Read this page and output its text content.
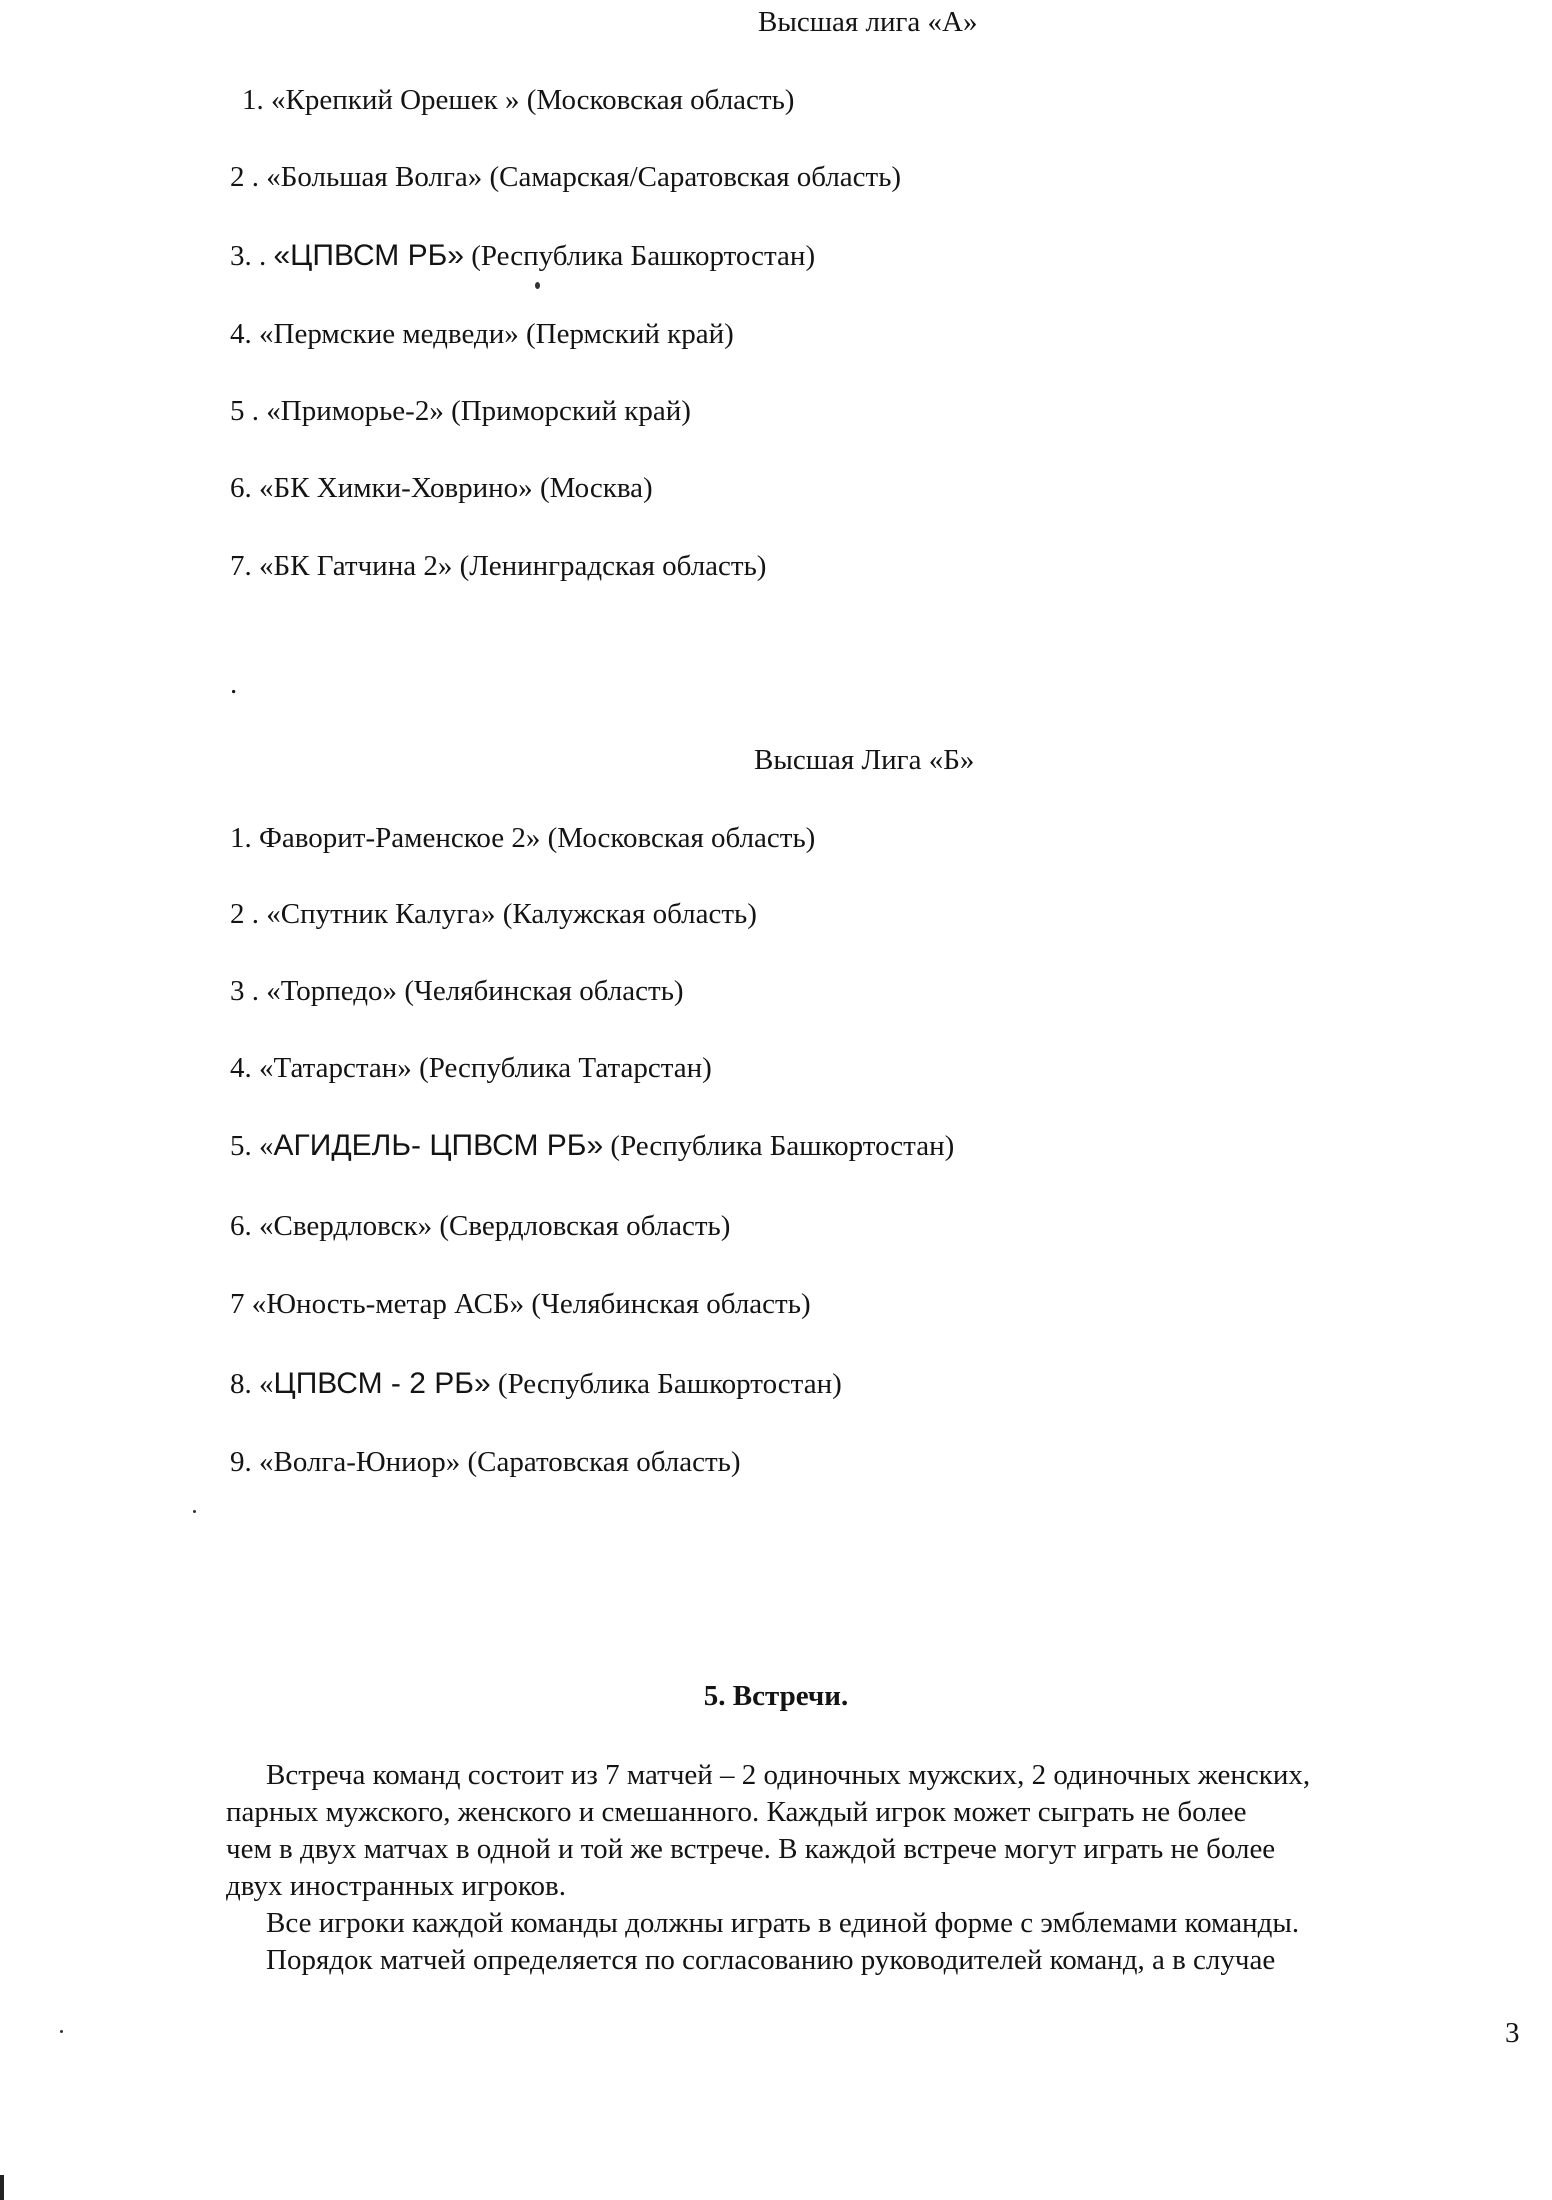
Высшая лига «А»
1. «Крепкий Орешек » (Московская область)
2 . «Большая Волга» (Самарская/Саратовская область)
3. . «ЦПВСМ РБ» (Республика Башкортостан)
4. «Пермские медведи» (Пермский край)
5 . «Приморье-2» (Приморский край)
6. «БК Химки-Ховрино» (Москва)
7. «БК Гатчина 2» (Ленинградская область)
.
Высшая Лига «Б»
1. Фаворит-Раменское 2» (Московская область)
2 . «Спутник Калуга» (Калужская область)
3 . «Торпедо» (Челябинская область)
4. «Татарстан» (Республика Татарстан)
5. «АГИДЕЛЬ- ЦПВСМ РБ» (Республика Башкортостан)
6. «Свердловск» (Свердловская область)
7 «Юность-метар АСБ» (Челябинская область)
8. «ЦПВСМ - 2 РБ» (Республика Башкортостан)
9. «Волга-Юниор» (Саратовская область)
5. Встречи.
Встреча команд состоит из 7 матчей – 2 одиночных мужских, 2 одиночных женских,
парных мужского, женского и смешанного. Каждый игрок может сыграть не более
чем в двух матчах в одной и той же встрече. В каждой встрече могут играть не более
двух иностранных игроков.
Все игроки каждой команды должны играть в единой форме с эмблемами команды.
Порядок матчей определяется по согласованию руководителей команд, а в случае
3
